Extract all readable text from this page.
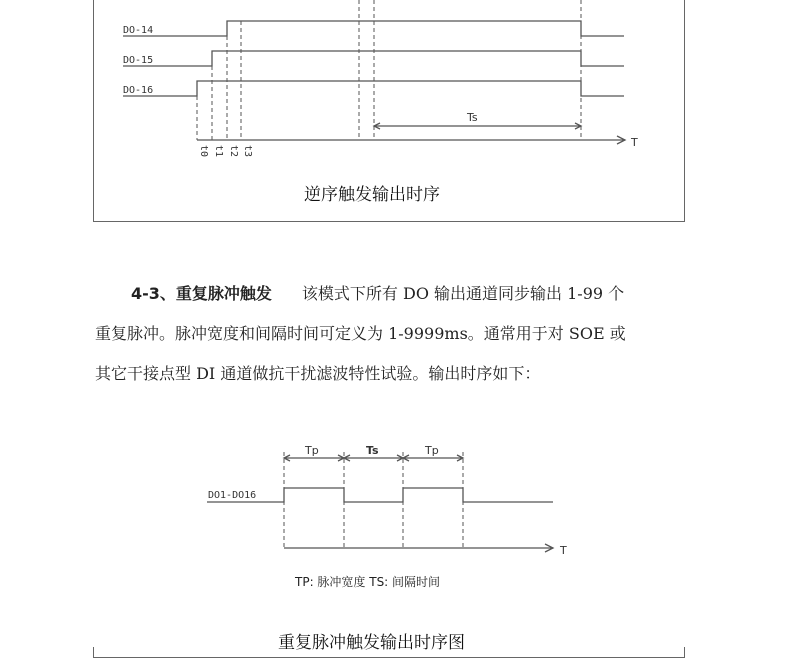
DO-14
DO-15
DO-16
t0 t1 t2 t3
Ts
T
DO1-DO16
Tp	Ts	Tp
T
逆序触发输出时序
4-3、重复脉冲触发 该模式下所有 DO 输出通道同步输出 1-99 个
重复脉冲。脉冲宽度和间隔时间可定义为 1-9999ms。通常用于对 SOE 或
其它干接点型 DI 通道做抗干扰滤波特性试验。输出时序如下：
TP: 脉冲宽度 TS: 间隔时间
重复脉冲触发输出时序图
